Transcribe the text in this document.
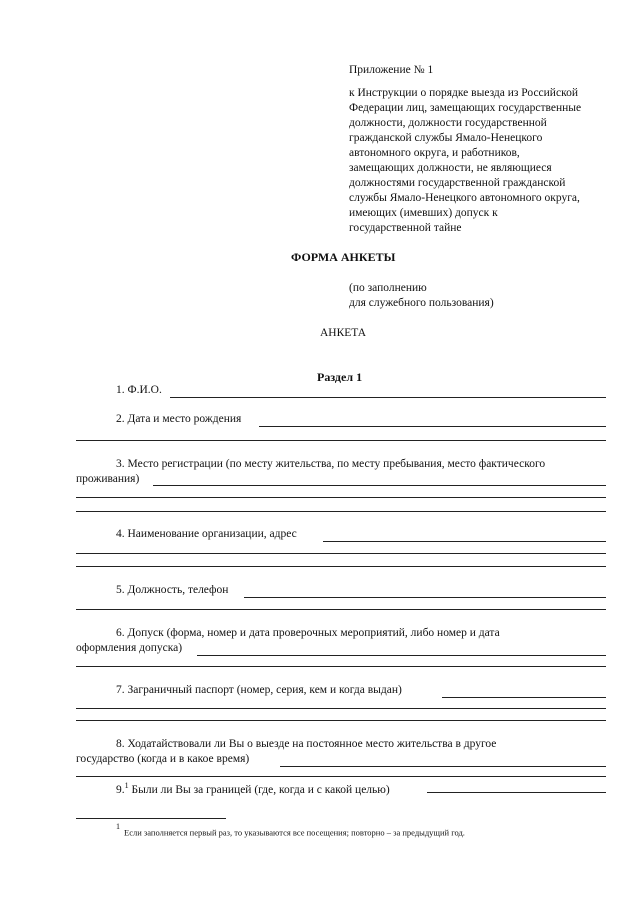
Приложение № 1
к Инструкции о порядке выезда из Российской
Федерации лиц, замещающих государственные
должности, должности государственной
гражданской службы Ямало-Ненецкого
автономного округа, и работников,
замещающих должности, не являющиеся
должностями государственной гражданской
службы Ямало-Ненецкого автономного округа,
имеющих (имевших) допуск к
государственной тайне
ФОРМА АНКЕТЫ
(по заполнению
для служебного пользования)
АНКЕТА
Раздел 1
1. Ф.И.О.
2. Дата и место рождения
3. Место регистрации (по месту жительства, по месту пребывания, место фактического
проживания)
4. Наименование организации, адрес
5. Должность, телефон
6. Допуск (форма, номер и дата проверочных мероприятий, либо номер и дата
оформления допуска)
7. Заграничный паспорт (номер, серия, кем и когда выдан)
8. Ходатайствовали ли Вы о выезде на постоянное место жительства в другое
государство (когда и в какое время)
9.$^1$ Были ли Вы за границей (где, когда и с какой целью)
$^1$ Если заполняется первый раз, то указываются все посещения; повторно – за предыдущий год.
